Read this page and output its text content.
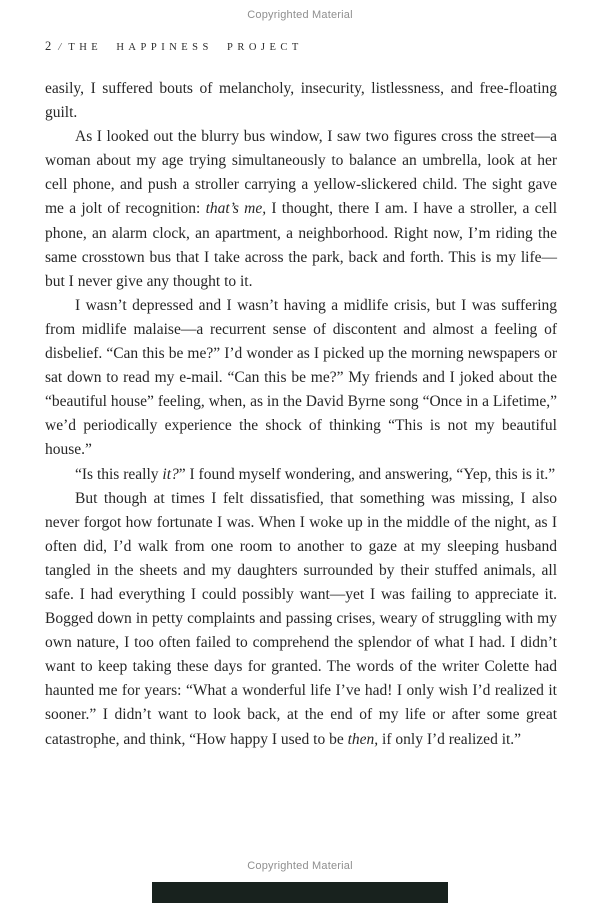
Copyrighted Material
2 / THE HAPPINESS PROJECT

easily, I suffered bouts of melancholy, insecurity, listlessness, and free-floating guilt.

As I looked out the blurry bus window, I saw two figures cross the street—a woman about my age trying simultaneously to balance an umbrella, look at her cell phone, and push a stroller carrying a yellow-slickered child. The sight gave me a jolt of recognition: that’s me, I thought, there I am. I have a stroller, a cell phone, an alarm clock, an apartment, a neighborhood. Right now, I’m riding the same crosstown bus that I take across the park, back and forth. This is my life—but I never give any thought to it.

I wasn’t depressed and I wasn’t having a midlife crisis, but I was suffering from midlife malaise—a recurrent sense of discontent and almost a feeling of disbelief. “Can this be me?” I’d wonder as I picked up the morning newspapers or sat down to read my e-mail. “Can this be me?” My friends and I joked about the “beautiful house” feeling, when, as in the David Byrne song “Once in a Lifetime,” we’d periodically experience the shock of thinking “This is not my beautiful house.”

“Is this really it?” I found myself wondering, and answering, “Yep, this is it.”

But though at times I felt dissatisfied, that something was missing, I also never forgot how fortunate I was. When I woke up in the middle of the night, as I often did, I’d walk from one room to another to gaze at my sleeping husband tangled in the sheets and my daughters surrounded by their stuffed animals, all safe. I had everything I could possibly want—yet I was failing to appreciate it. Bogged down in petty complaints and passing crises, weary of struggling with my own nature, I too often failed to comprehend the splendor of what I had. I didn’t want to keep taking these days for granted. The words of the writer Colette had haunted me for years: “What a wonderful life I’ve had! I only wish I’d realized it sooner.” I didn’t want to look back, at the end of my life or after some great catastrophe, and think, “How happy I used to be then, if only I’d realized it.”

Copyrighted Material
